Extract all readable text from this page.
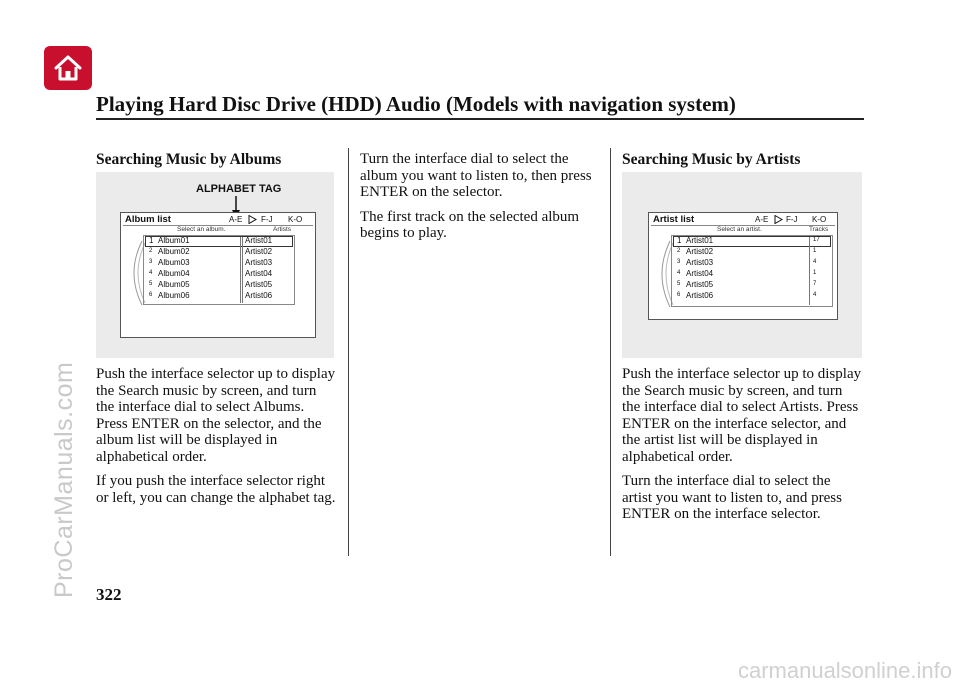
ProCarManuals.com
carmanualsonline.info
Playing Hard Disc Drive (HDD) Audio (Models with navigation system)
Searching Music by Albums
ALPHABET TAG
Album list	A-E F-J K-O
Select an album.	Artists
1 Album01	Artist01
2 Album02	Artist02
3 Album03	Artist03
4 Album04	Artist04
5 Album05	Artist05
6 Album06	Artist06

Push the interface selector up to display the Search music by screen, and turn the interface dial to select Albums. Press ENTER on the selector, and the album list will be displayed in alphabetical order.

If you push the interface selector right or left, you can change the alphabet tag.

Turn the interface dial to select the album you want to listen to, then press ENTER on the selector.

The first track on the selected album begins to play.

Searching Music by Artists
Artist list	A-E F-J K-O
Select an artist.	Tracks
1 Artist01	17
2 Artist02	1
3 Artist03	4
4 Artist04	1
5 Artist05	7
6 Artist06	4

Push the interface selector up to display the Search music by screen, and turn the interface dial to select Artists. Press ENTER on the interface selector, and the artist list will be displayed in alphabetical order.

Turn the interface dial to select the artist you want to listen to, and press ENTER on the interface selector.

322
